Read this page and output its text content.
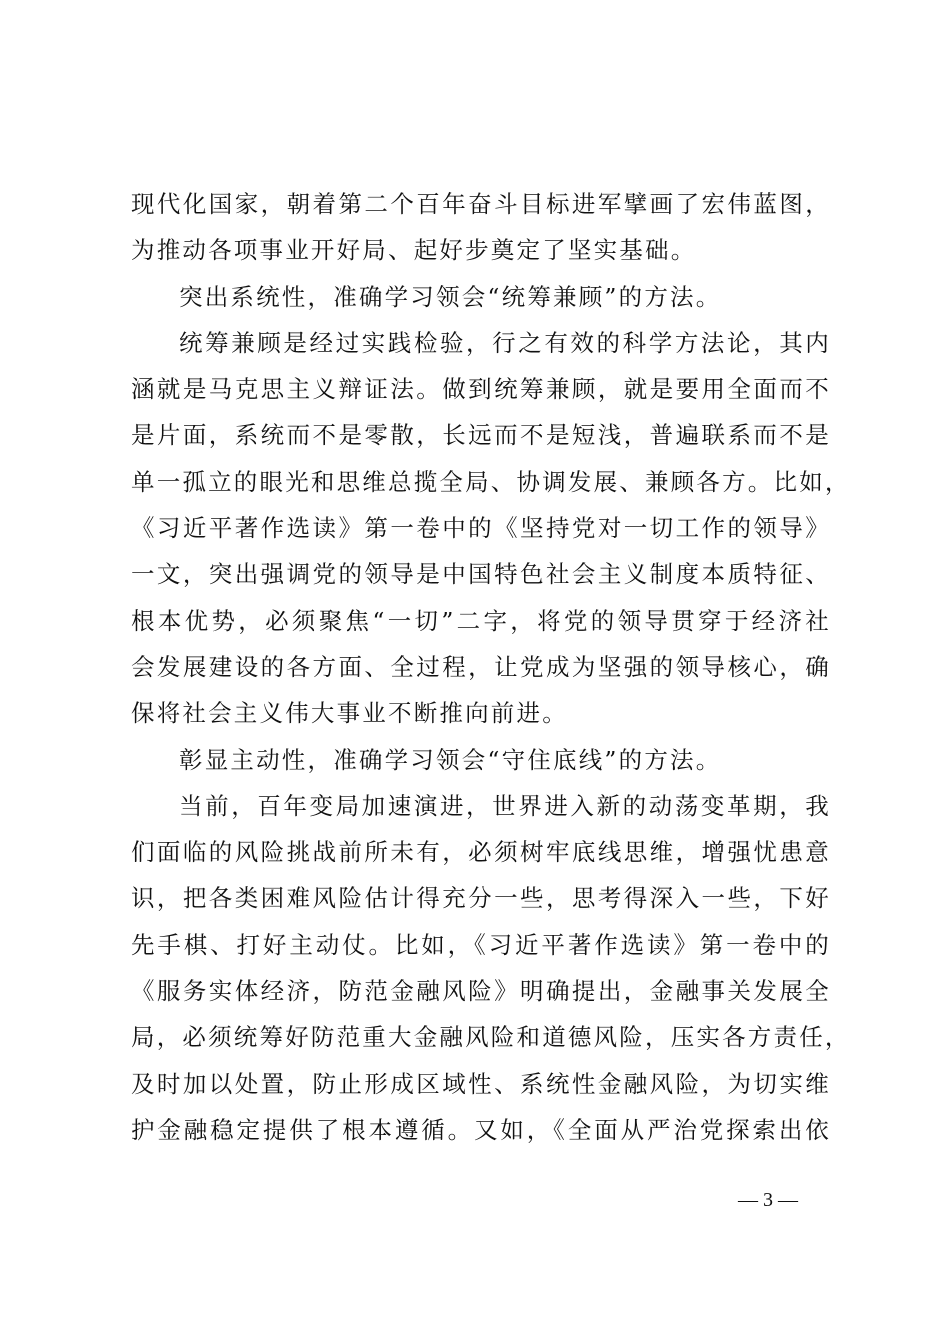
现代化国家，朝着第二个百年奋斗目标进军擘画了宏伟蓝图，
为推动各项事业开好局、起好步奠定了坚实基础。
突出系统性，准确学习领会“统筹兼顾”的方法。
统筹兼顾是经过实践检验，行之有效的科学方法论，其内
涵就是马克思主义辩证法。做到统筹兼顾，就是要用全面而不
是片面，系统而不是零散，长远而不是短浅，普遍联系而不是
单一孤立的眼光和思维总揽全局、协调发展、兼顾各方。比如，
《习近平著作选读》第一卷中的《坚持党对一切工作的领导》
一文，突出强调党的领导是中国特色社会主义制度本质特征、
根本优势，必须聚焦“一切”二字，将党的领导贯穿于经济社
会发展建设的各方面、全过程，让党成为坚强的领导核心，确
保将社会主义伟大事业不断推向前进。
彰显主动性，准确学习领会“守住底线”的方法。
当前，百年变局加速演进，世界进入新的动荡变革期，我
们面临的风险挑战前所未有，必须树牢底线思维，增强忧患意
识，把各类困难风险估计得充分一些，思考得深入一些，下好
先手棋、打好主动仗。比如，《习近平著作选读》第一卷中的
《服务实体经济，防范金融风险》明确提出，金融事关发展全
局，必须统筹好防范重大金融风险和道德风险，压实各方责任，
及时加以处置，防止形成区域性、系统性金融风险，为切实维
护金融稳定提供了根本遵循。又如，《全面从严治党探索出依
— 3 —
